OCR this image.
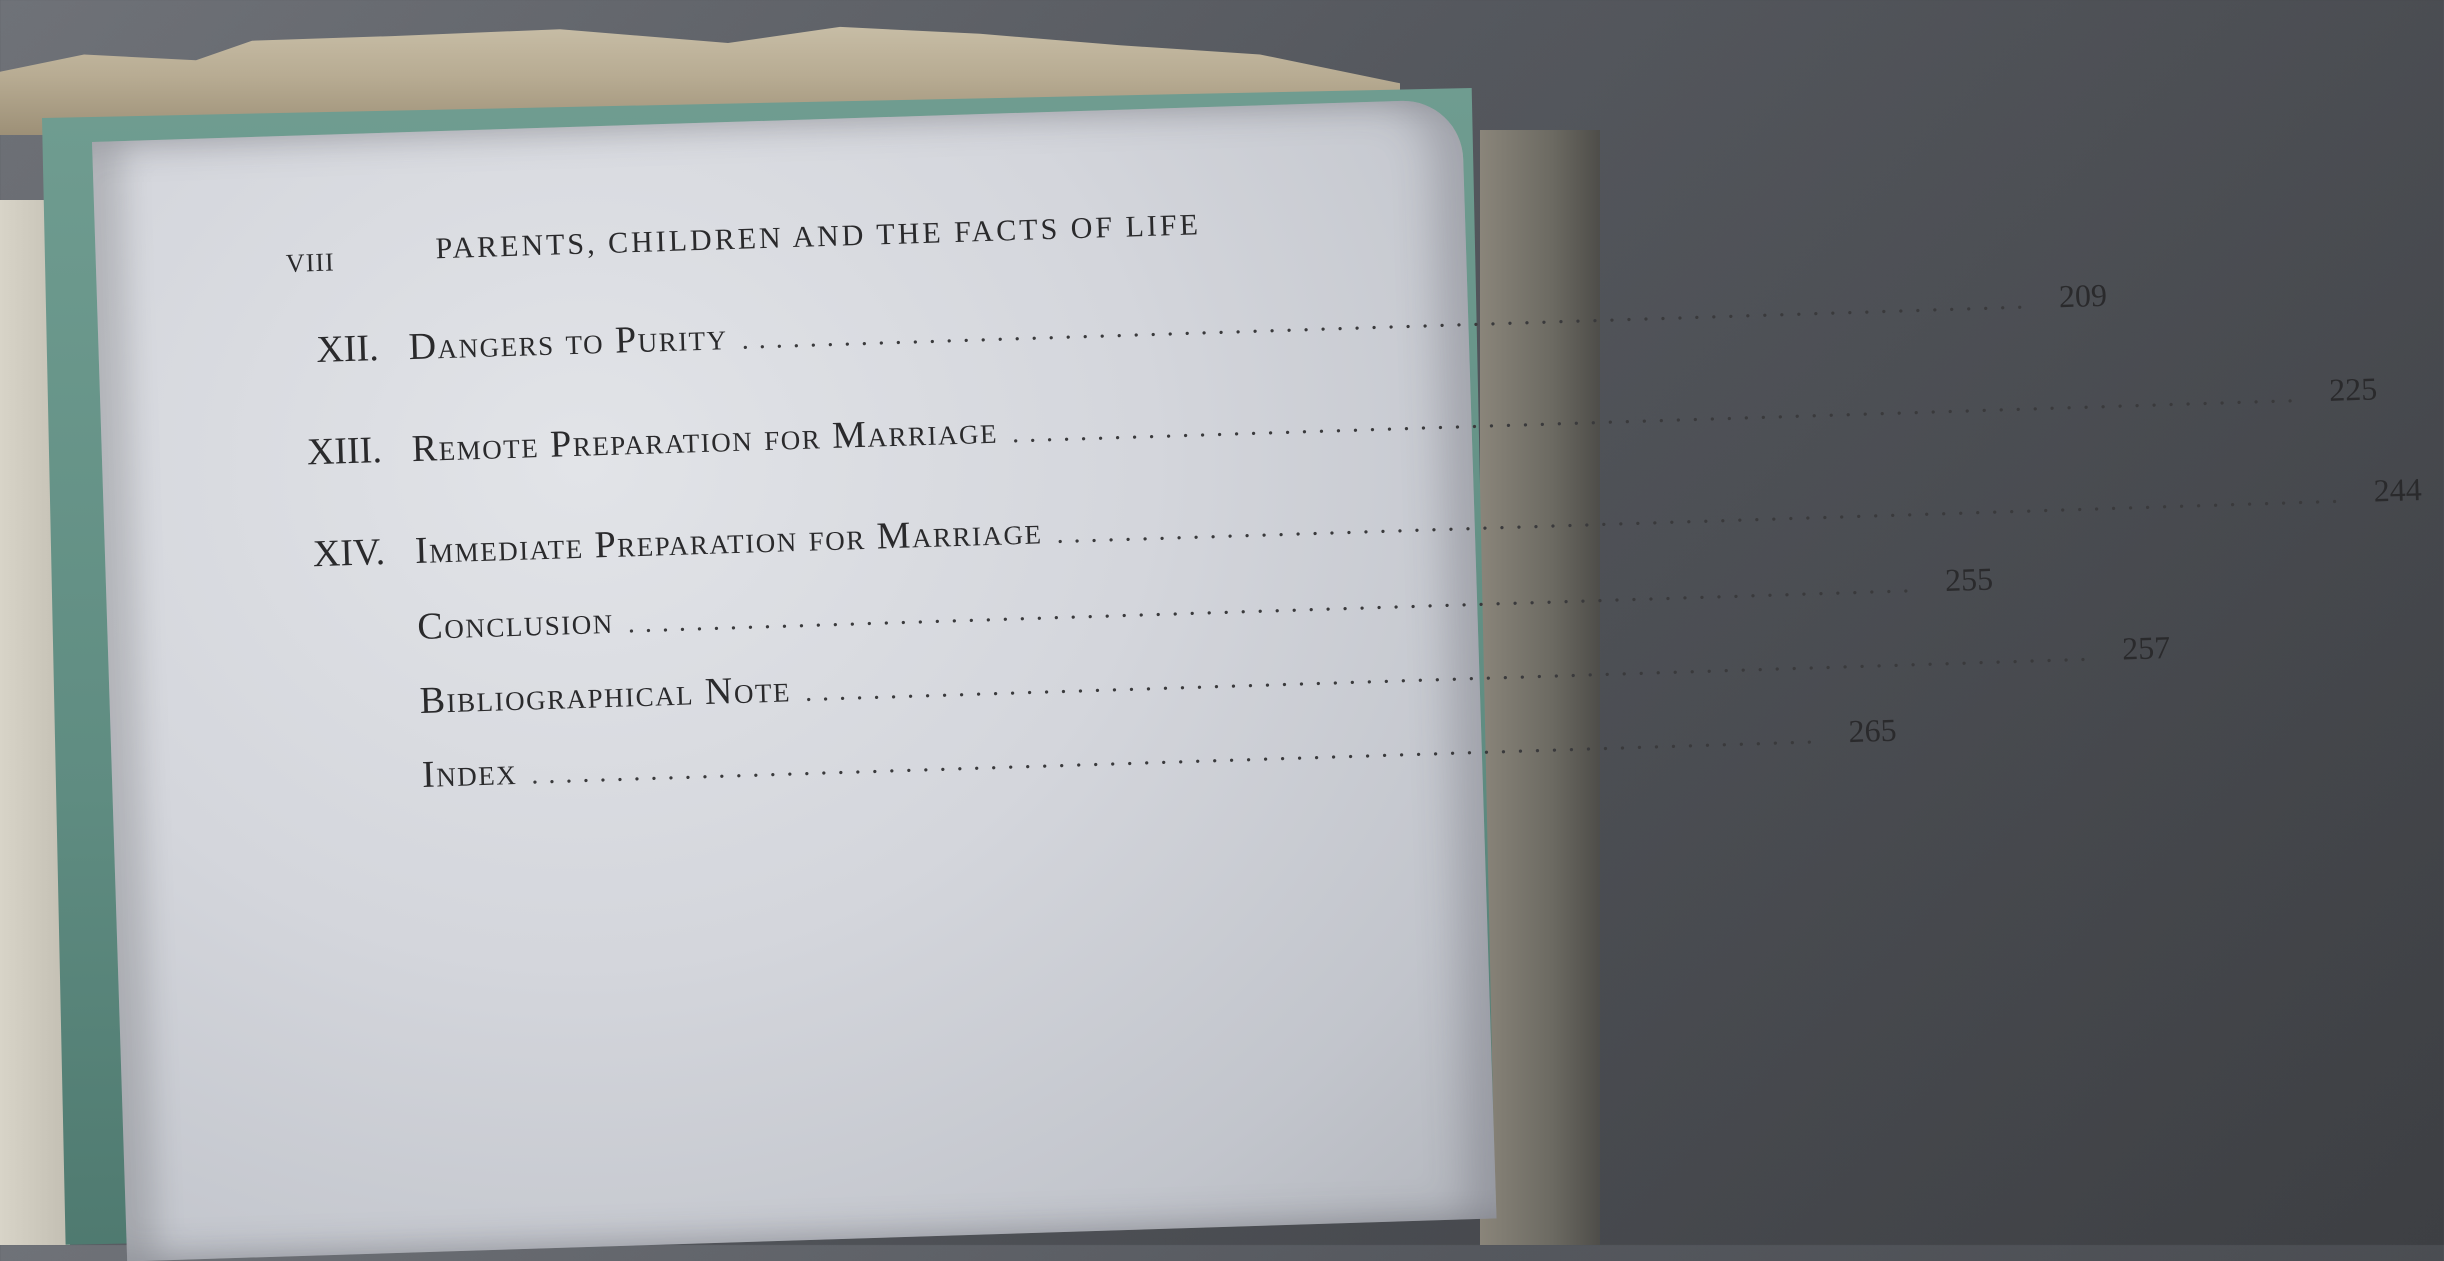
VIII	PARENTS, CHILDREN AND THE FACTS OF LIFE
XII. Dangers to Purity ............................................................................ 209
XIII. Remote Preparation for Marriage ............................................................................ 225
XIV. Immediate Preparation for Marriage ............................................................................ 244
Conclusion ............................................................................ 255
Bibliographical Note ............................................................................ 257
Index ............................................................................ 265
